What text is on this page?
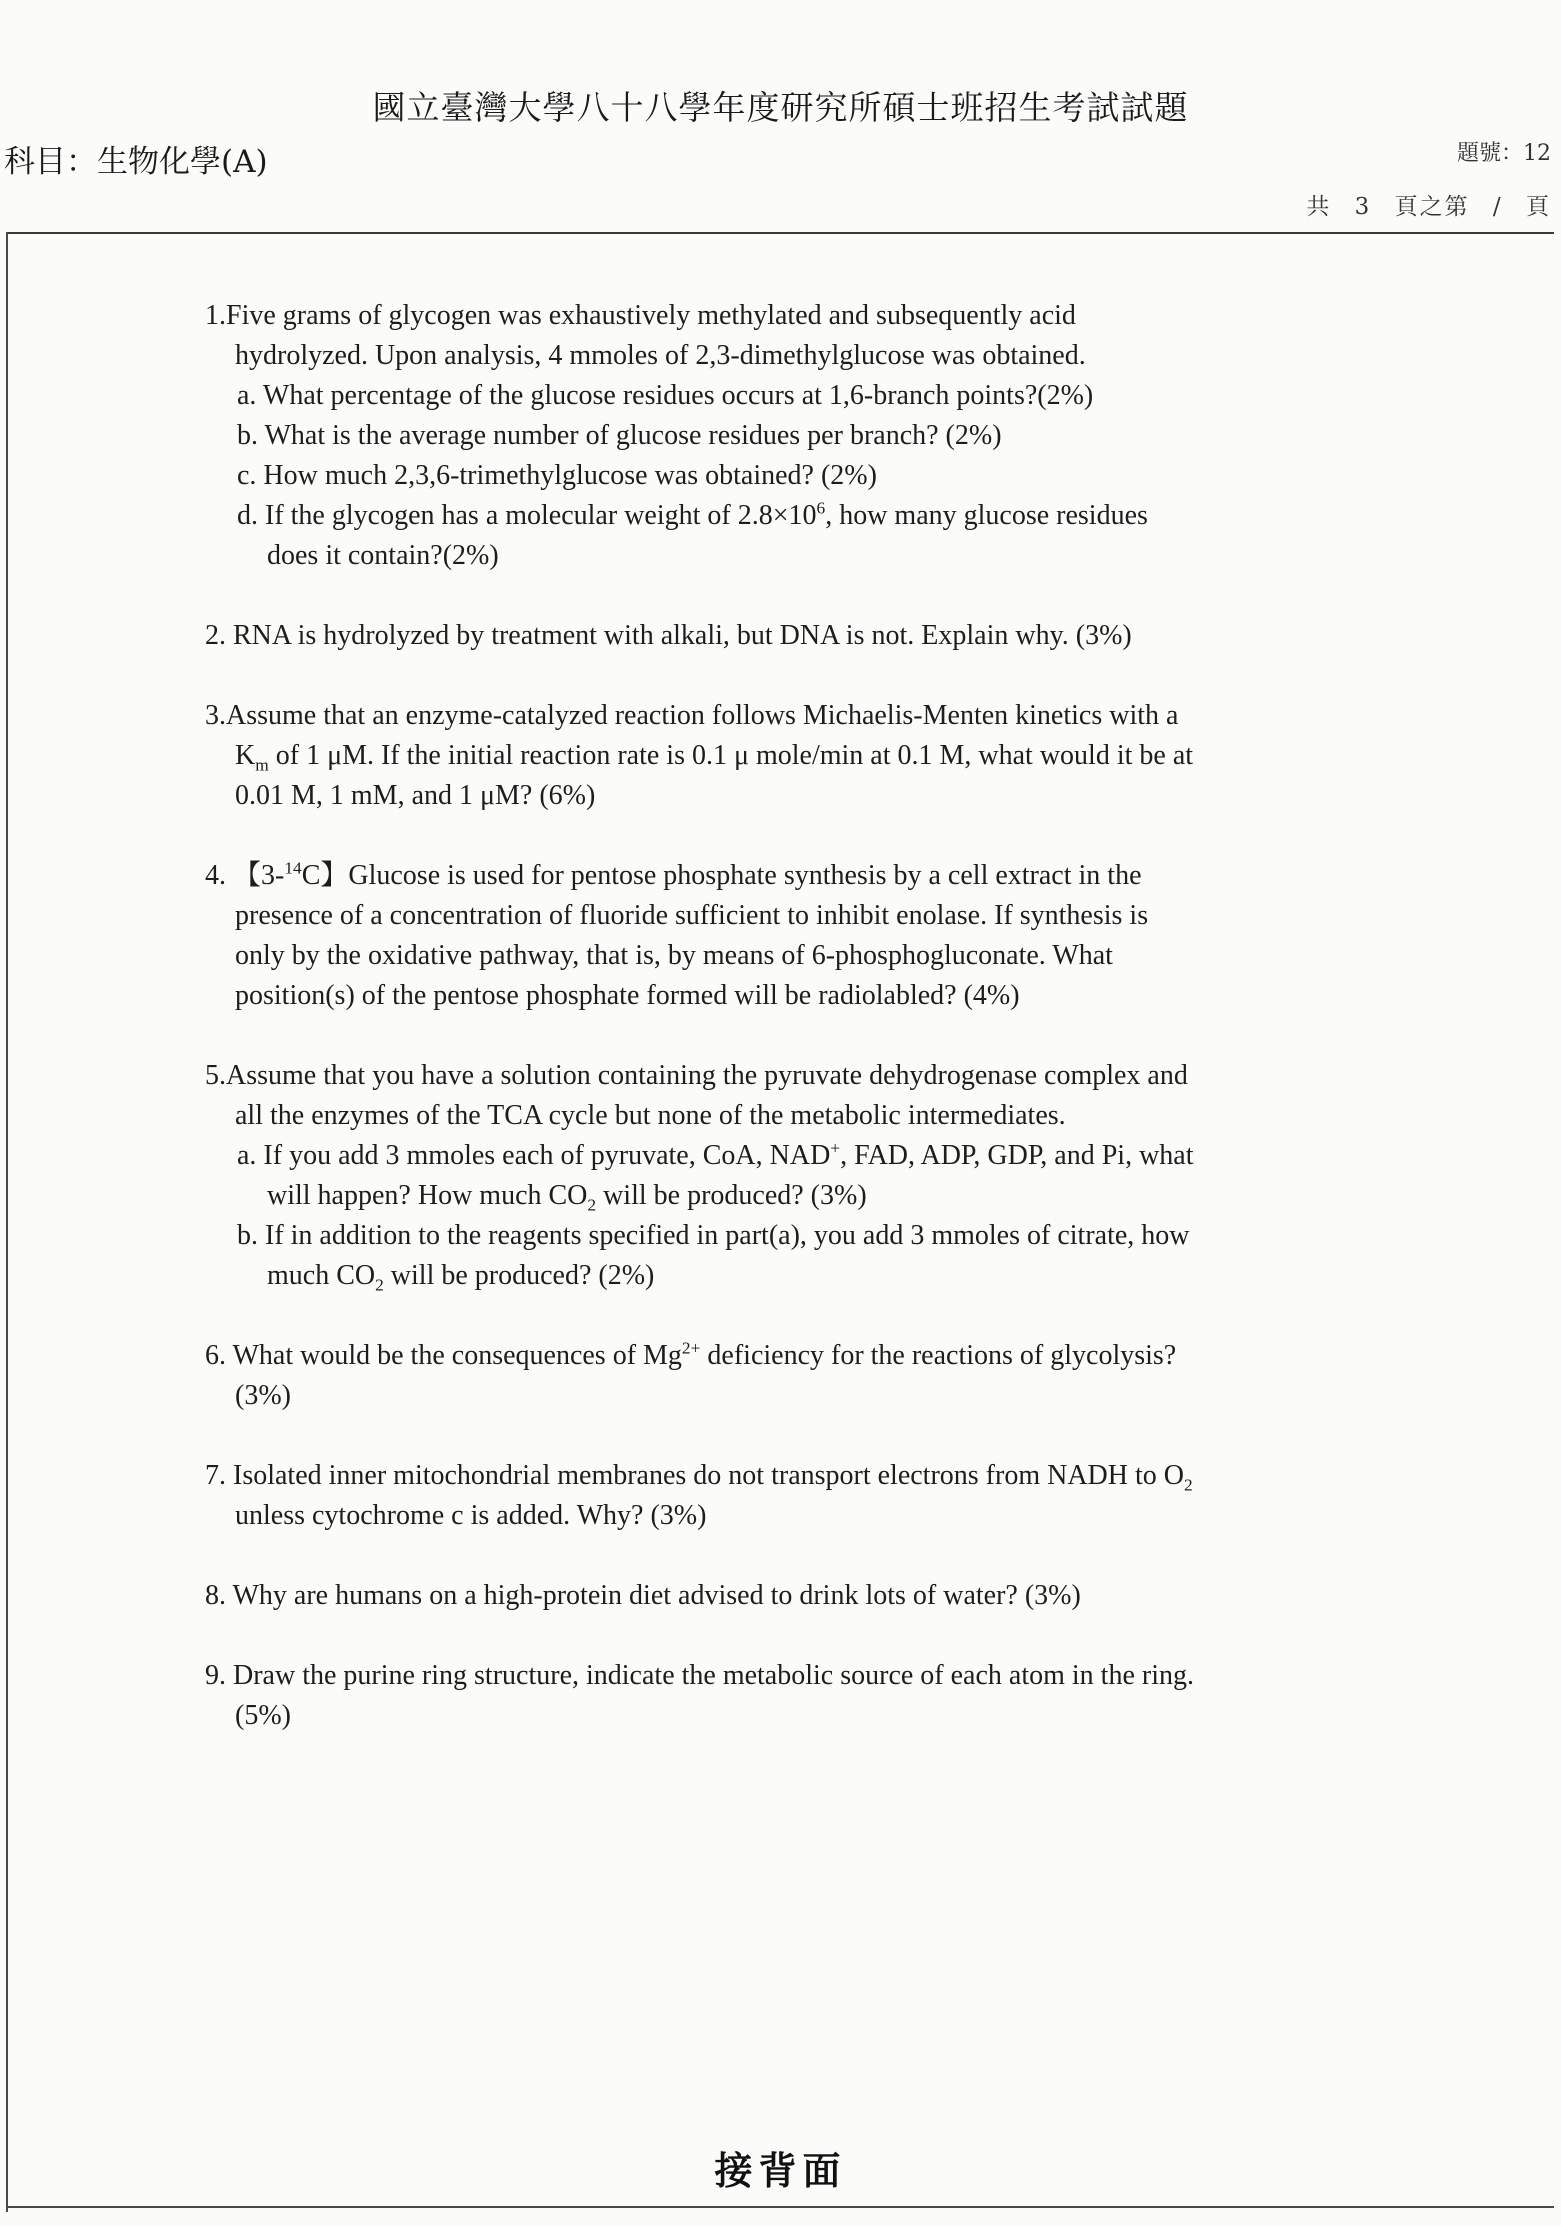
國立臺灣大學八十八學年度研究所碩士班招生考試試題
科目：生物化學(A)	題號：12
共 3 頁之第 / 頁
1.Five grams of glycogen was exhaustively methylated and subsequently acid hydrolyzed. Upon analysis, 4 mmoles of 2,3-dimethylglucose was obtained.
a. What percentage of the glucose residues occurs at 1,6-branch points?(2%)
b. What is the average number of glucose residues per branch? (2%)
c. How much 2,3,6-trimethylglucose was obtained? (2%)
d. If the glycogen has a molecular weight of $2.8\times 10^6$, how many glucose residues does it contain?(2%)
2. RNA is hydrolyzed by treatment with alkali, but DNA is not. Explain why. (3%)
3.Assume that an enzyme-catalyzed reaction follows Michaelis-Menten kinetics with a $K_m$ of 1 μM. If the initial reaction rate is 0.1 μ mole/min at 0.1 M, what would it be at 0.01 M, 1 mM, and 1 μM? (6%)
4. 【3-$^{14}$C】Glucose is used for pentose phosphate synthesis by a cell extract in the presence of a concentration of fluoride sufficient to inhibit enolase. If synthesis is only by the oxidative pathway, that is, by means of 6-phosphogluconate. What position(s) of the pentose phosphate formed will be radiolabled? (4%)
5.Assume that you have a solution containing the pyruvate dehydrogenase complex and all the enzymes of the TCA cycle but none of the metabolic intermediates.
a. If you add 3 mmoles each of pyruvate, CoA, NAD+, FAD, ADP, GDP, and Pi, what will happen? How much $CO_2$ will be produced? (3%)
b. If in addition to the reagents specified in part(a), you add 3 mmoles of citrate, how much $CO_2$ will be produced? (2%)
6. What would be the consequences of $Mg^{2+}$ deficiency for the reactions of glycolysis? (3%)
7. Isolated inner mitochondrial membranes do not transport electrons from NADH to $O_2$ unless cytochrome c is added. Why? (3%)
8. Why are humans on a high-protein diet advised to drink lots of water? (3%)
9. Draw the purine ring structure, indicate the metabolic source of each atom in the ring. (5%)
接背面
